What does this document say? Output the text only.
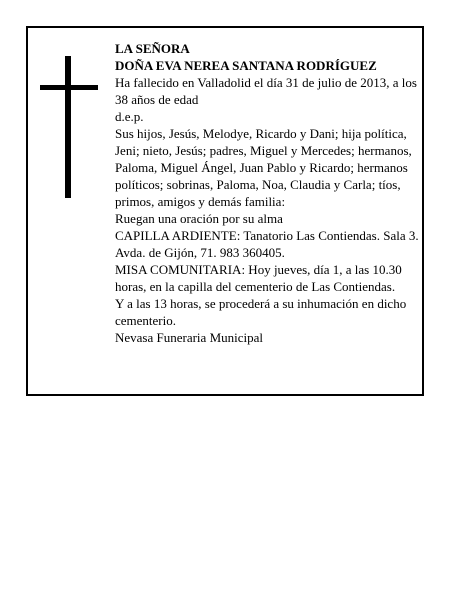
LA SEÑORA

DOÑA EVA NEREA SANTANA RODRÍGUEZ

Ha fallecido en Valladolid el día 31 de julio de 2013, a los 38 años de edad

d.e.p.

Sus hijos, Jesús, Melodye, Ricardo y Dani; hija política, Jeni; nieto, Jesús; padres, Miguel y Mercedes; hermanos, Paloma, Miguel Ángel, Juan Pablo y Ricardo; hermanos políticos; sobrinas, Paloma, Noa, Claudia y Carla; tíos, primos, amigos y demás familia:

Ruegan una oración por su alma

CAPILLA ARDIENTE: Tanatorio Las Contiendas. Sala 3. Avda. de Gijón, 71. 983 360405.

MISA COMUNITARIA: Hoy jueves, día 1, a las 10.30 horas, en la capilla del cementerio de Las Contiendas.

Y a las 13 horas, se procederá a su inhumación en dicho cementerio.

Nevasa Funeraria Municipal
